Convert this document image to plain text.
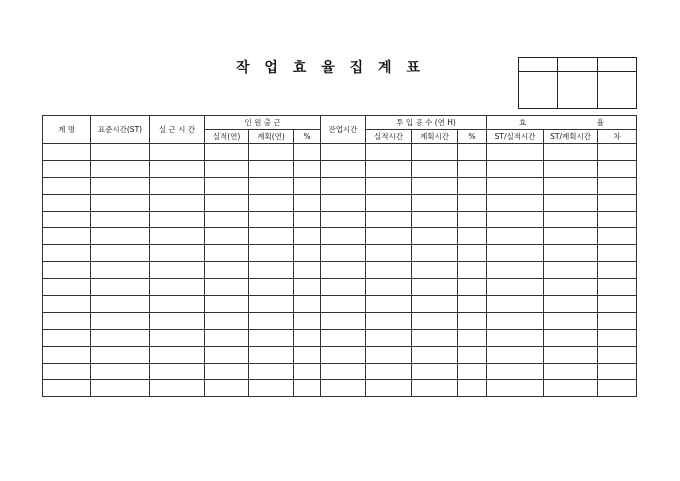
작 업 효 율 집 계 표

계 명	표준시간(ST)	실 근 시 간	인 원 출 근			잔업시간	투 입 공 수 (연 H)			효 율		

			실적(연)	계획(연)	%		실적시간	계획시간	%	ST/실적시간	ST/계획시간	차
